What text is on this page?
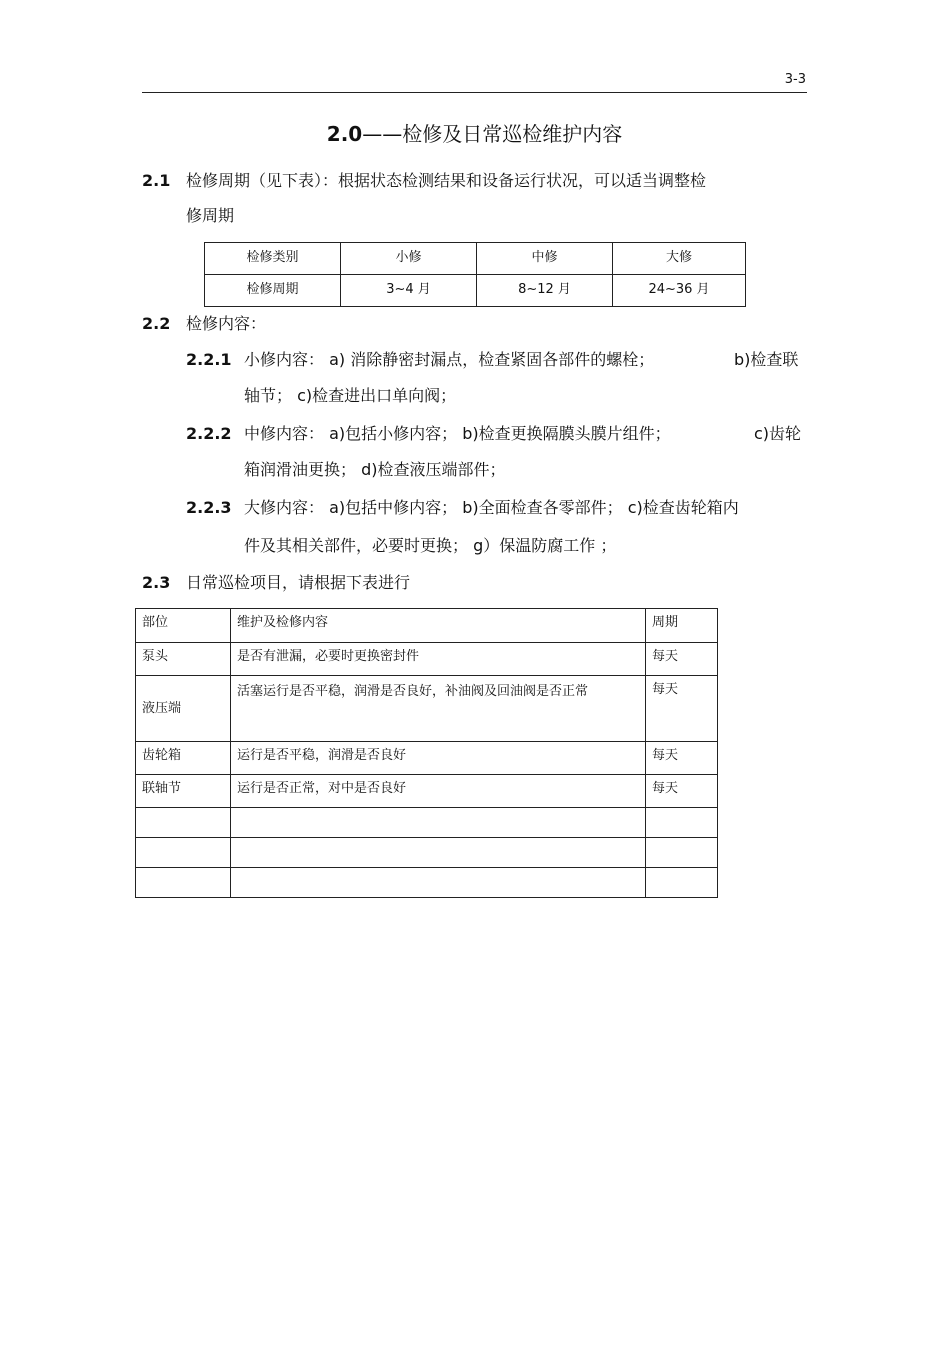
3-3
2.0——检修及日常巡检维护内容
2.1 检修周期（见下表）：根据状态检测结果和设备运行状况，可以适当调整检
修周期
检修类别	小修	中修	大修
检修周期	3~4 月	8~12 月	24~36 月
2.2 检修内容：
2.2.1 小修内容： a) 消除静密封漏点，检查紧固各部件的螺栓；	b)检查联
轴节； c)检查进出口单向阀；
2.2.2 中修内容： a)包括小修内容； b)检查更换隔膜头膜片组件；	c)齿轮
箱润滑油更换； d)检查液压端部件；
2.2.3 大修内容： a)包括中修内容； b)全面检查各零部件； c)检查齿轮箱内
件及其相关部件，必要时更换； g）保温防腐工作 ；
2.3 日常巡检项目，请根据下表进行
部位	维护及检修内容	周期
泵头	是否有泄漏，必要时更换密封件	每天
液压端	活塞运行是否平稳，润滑是否良好，补油阀及回油阀是否正常	每天
齿轮箱	运行是否平稳，润滑是否良好	每天
联轴节	运行是否正常，对中是否良好	每天
